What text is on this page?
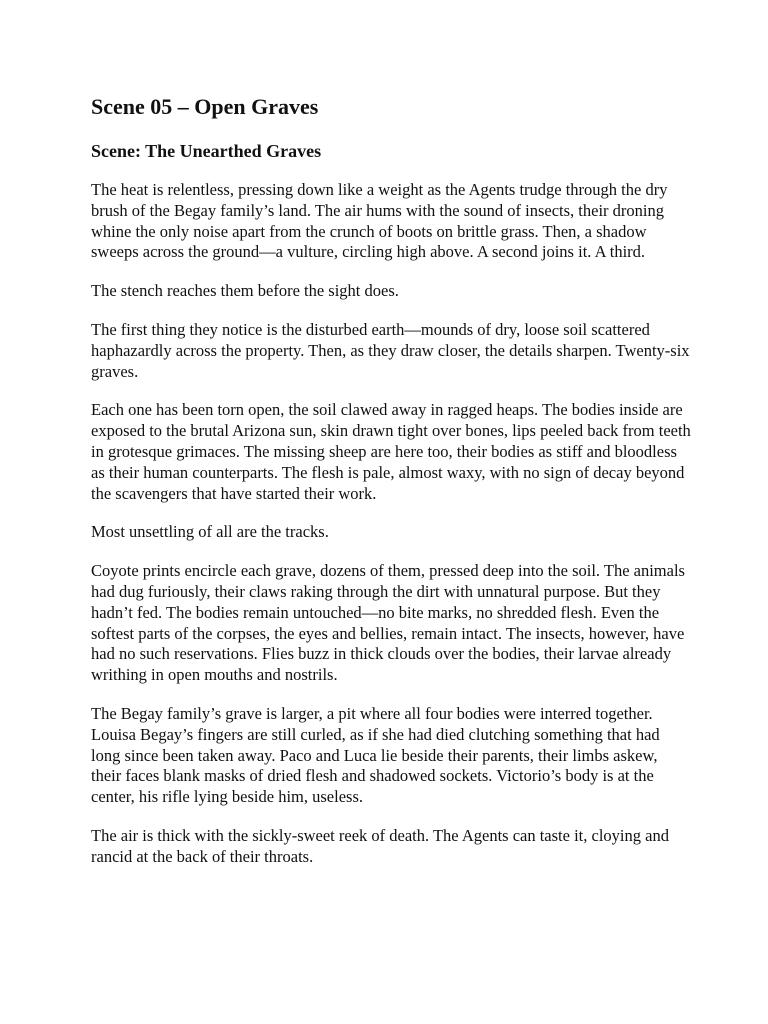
Scene 05 – Open Graves
Scene: The Unearthed Graves

The heat is relentless, pressing down like a weight as the Agents trudge through the dry brush of the Begay family’s land. The air hums with the sound of insects, their droning whine the only noise apart from the crunch of boots on brittle grass. Then, a shadow sweeps across the ground—a vulture, circling high above. A second joins it. A third.

The stench reaches them before the sight does.

The first thing they notice is the disturbed earth—mounds of dry, loose soil scattered haphazardly across the property. Then, as they draw closer, the details sharpen. Twenty-six graves.

Each one has been torn open, the soil clawed away in ragged heaps. The bodies inside are exposed to the brutal Arizona sun, skin drawn tight over bones, lips peeled back from teeth in grotesque grimaces. The missing sheep are here too, their bodies as stiff and bloodless as their human counterparts. The flesh is pale, almost waxy, with no sign of decay beyond the scavengers that have started their work.

Most unsettling of all are the tracks.

Coyote prints encircle each grave, dozens of them, pressed deep into the soil. The animals had dug furiously, their claws raking through the dirt with unnatural purpose. But they hadn’t fed. The bodies remain untouched—no bite marks, no shredded flesh. Even the softest parts of the corpses, the eyes and bellies, remain intact. The insects, however, have had no such reservations. Flies buzz in thick clouds over the bodies, their larvae already writhing in open mouths and nostrils.

The Begay family’s grave is larger, a pit where all four bodies were interred together. Louisa Begay’s fingers are still curled, as if she had died clutching something that had long since been taken away. Paco and Luca lie beside their parents, their limbs askew, their faces blank masks of dried flesh and shadowed sockets. Victorio’s body is at the center, his rifle lying beside him, useless.

The air is thick with the sickly-sweet reek of death. The Agents can taste it, cloying and rancid at the back of their throats.
